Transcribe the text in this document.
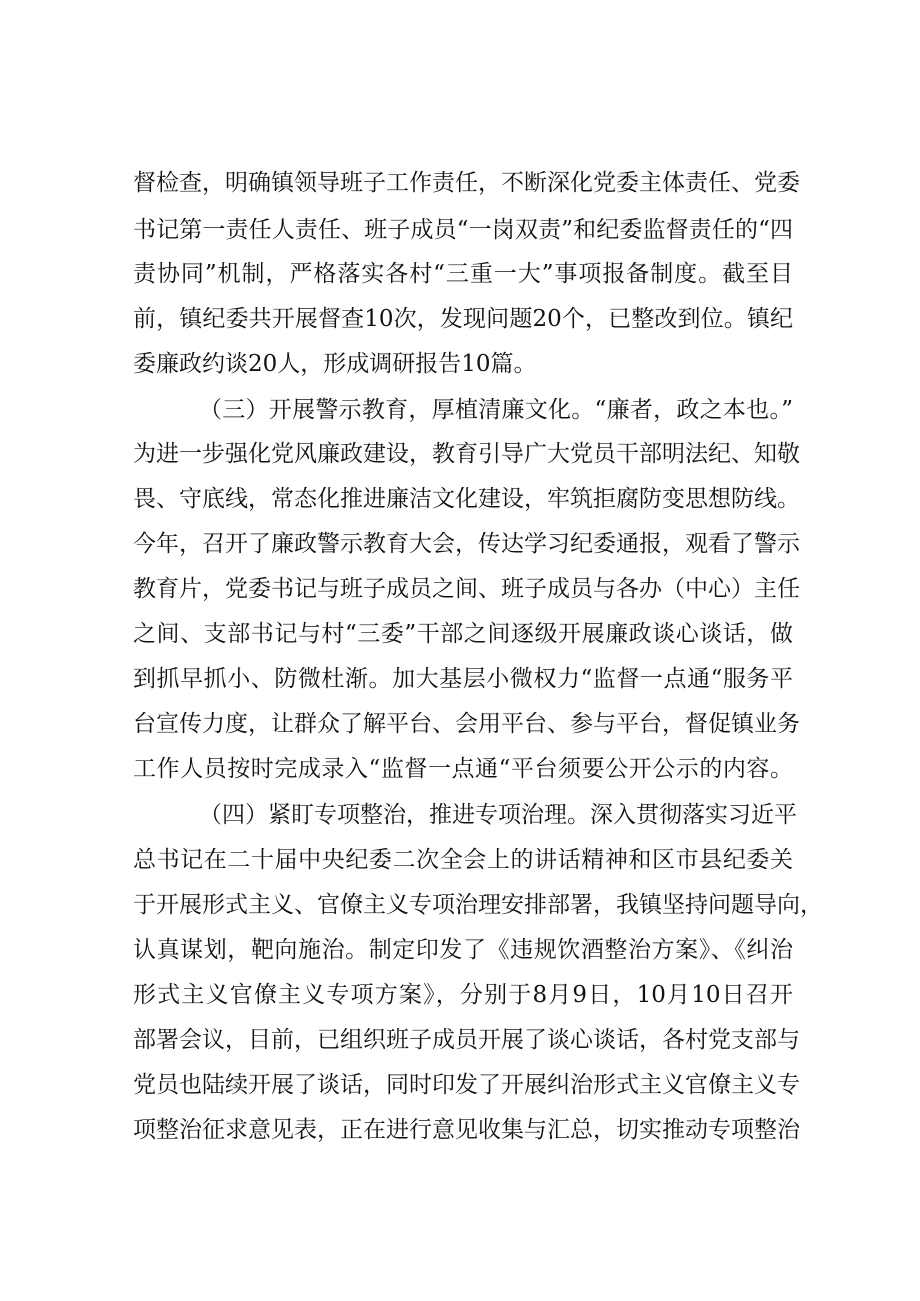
督检查，明确镇领导班子工作责任，不断深化党委主体责任、党委
书记第一责任人责任、班子成员“一岗双责”和纪委监督责任的“四
责协同”机制，严格落实各村“三重一大”事项报备制度。截至目
前，镇纪委共开展督查10次，发现问题20个，已整改到位。镇纪
委廉政约谈20人，形成调研报告10篇。
（三）开展警示教育，厚植清廉文化。“廉者，政之本也。”
为进一步强化党风廉政建设，教育引导广大党员干部明法纪、知敬
畏、守底线，常态化推进廉洁文化建设，牢筑拒腐防变思想防线。
今年，召开了廉政警示教育大会，传达学习纪委通报，观看了警示
教育片，党委书记与班子成员之间、班子成员与各办（中心）主任
之间、支部书记与村“三委”干部之间逐级开展廉政谈心谈话，做
到抓早抓小、防微杜渐。加大基层小微权力“监督一点通“服务平
台宣传力度，让群众了解平台、会用平台、参与平台，督促镇业务
工作人员按时完成录入“监督一点通“平台须要公开公示的内容。
（四）紧盯专项整治，推进专项治理。深入贯彻落实习近平
总书记在二十届中央纪委二次全会上的讲话精神和区市县纪委关
于开展形式主义、官僚主义专项治理安排部署，我镇坚持问题导向，
认真谋划，靶向施治。制定印发了《违规饮酒整治方案》、《纠治
形式主义官僚主义专项方案》，分别于8月9日，10月10日召开
部署会议，目前，已组织班子成员开展了谈心谈话，各村党支部与
党员也陆续开展了谈话，同时印发了开展纠治形式主义官僚主义专
项整治征求意见表，正在进行意见收集与汇总，切实推动专项整治
